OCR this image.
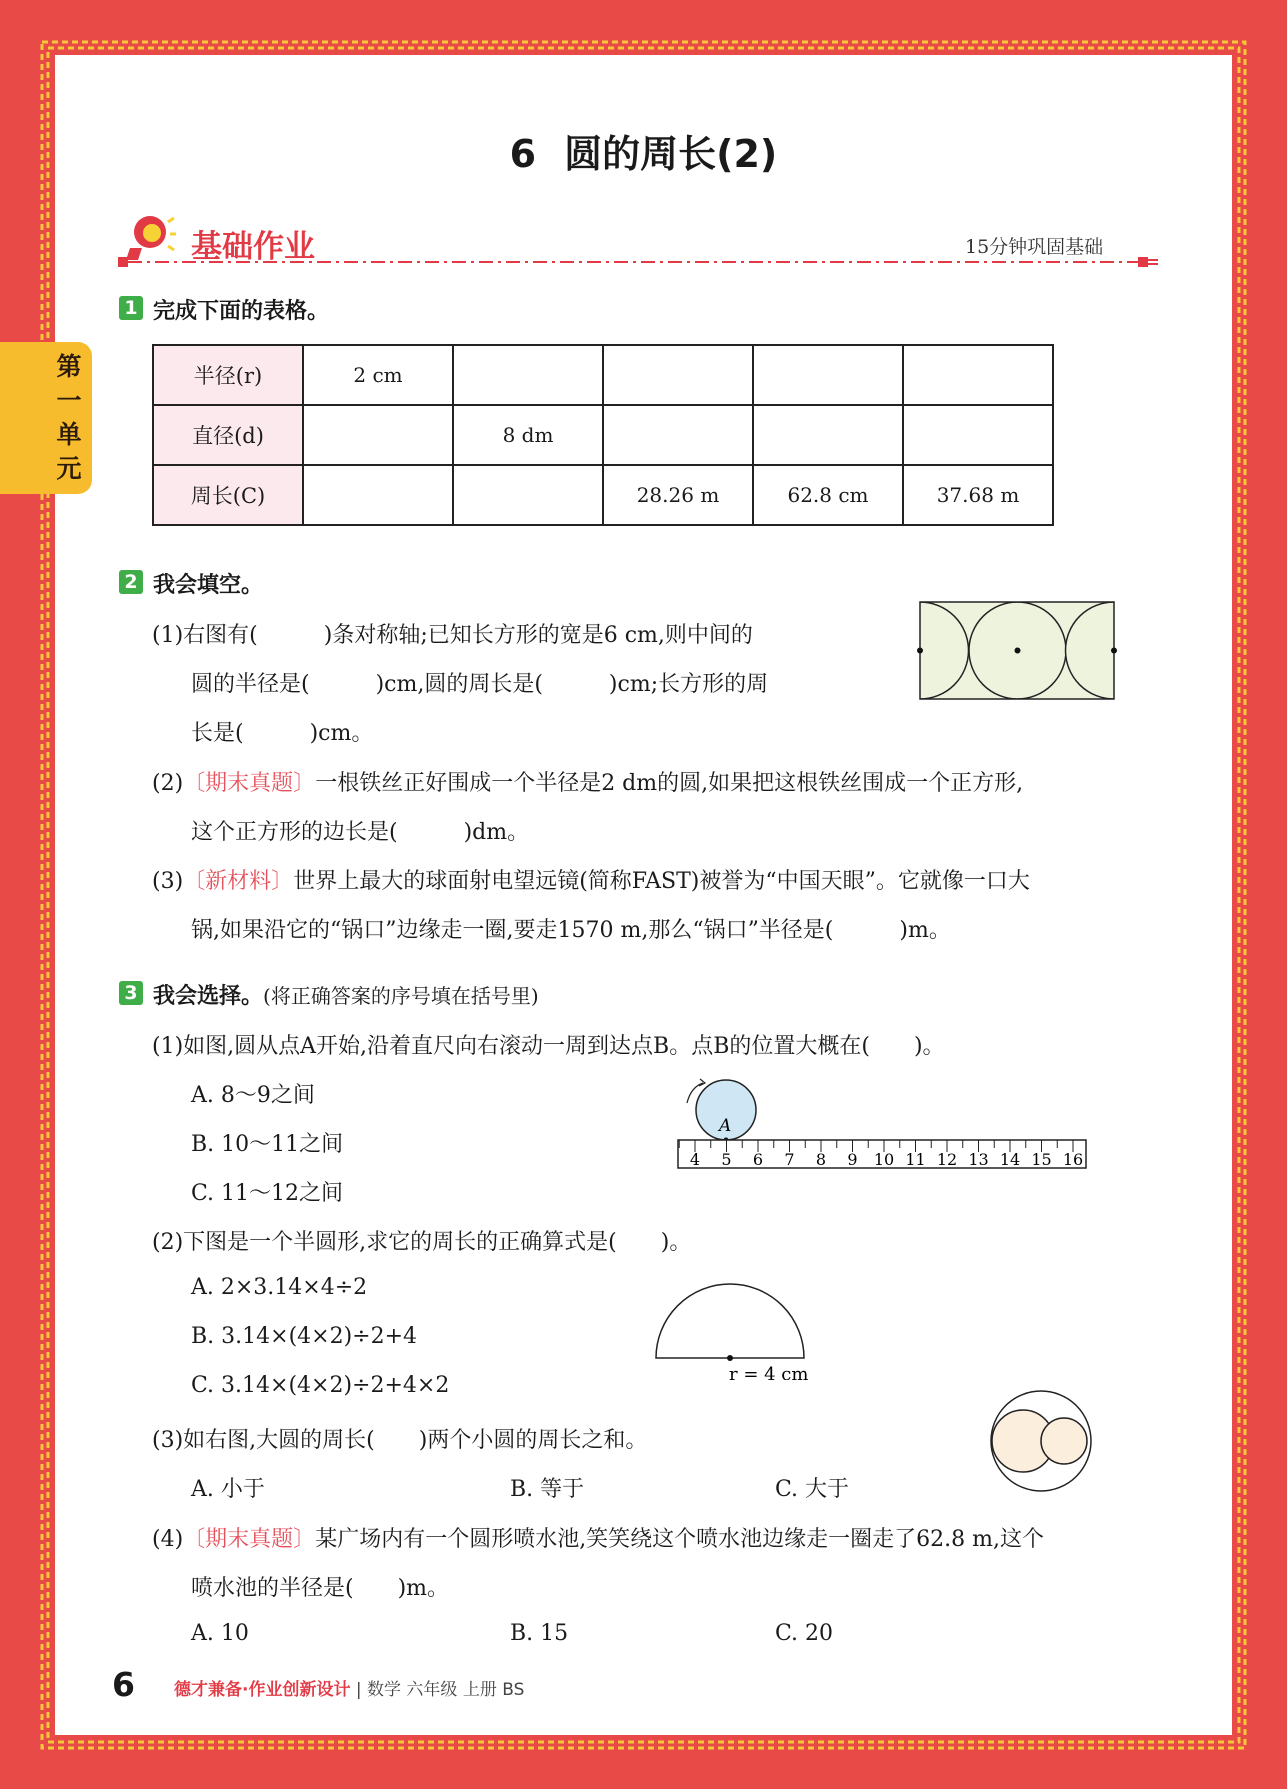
第一单元
6 圆的周长(2)
基础作业	15分钟巩固基础
1 完成下面的表格。
半径(r)	2 cm				
直径(d)		8 dm			
周长(C)			28.26 m	62.8 cm	37.68 m
2 我会填空。
(1)右图有(　　　)条对称轴;已知长方形的宽是6 cm,则中间的
圆的半径是(　　　)cm,圆的周长是(　　　)cm;长方形的周
长是(　　　)cm。
(2)〔期末真题〕一根铁丝正好围成一个半径是2 dm的圆,如果把这根铁丝围成一个正方形,
这个正方形的边长是(　　　)dm。
(3)〔新材料〕世界上最大的球面射电望远镜(简称FAST)被誉为“中国天眼”。它就像一口大
锅,如果沿它的“锅口”边缘走一圈,要走1570 m,那么“锅口”半径是(　　　)m。
3 我会选择。(将正确答案的序号填在括号里)
(1)如图,圆从点A开始,沿着直尺向右滚动一周到达点B。点B的位置大概在(　　)。
A. 8～9之间
B. 10～11之间
C. 11～12之间
A
4 5 6 7 8 9 10 11 12 13 14 15 16
(2)下图是一个半圆形,求它的周长的正确算式是(　　)。
A. 2×3.14×4÷2
B. 3.14×(4×2)÷2+4
C. 3.14×(4×2)÷2+4×2	r = 4 cm
(3)如右图,大圆的周长(　　)两个小圆的周长之和。
A. 小于	B. 等于	C. 大于
(4)〔期末真题〕某广场内有一个圆形喷水池,笑笑绕这个喷水池边缘走一圈走了62.8 m,这个
喷水池的半径是(　　)m。
A. 10	B. 15	C. 20
6 德才兼备·作业创新设计 | 数学 六年级 上册 BS
